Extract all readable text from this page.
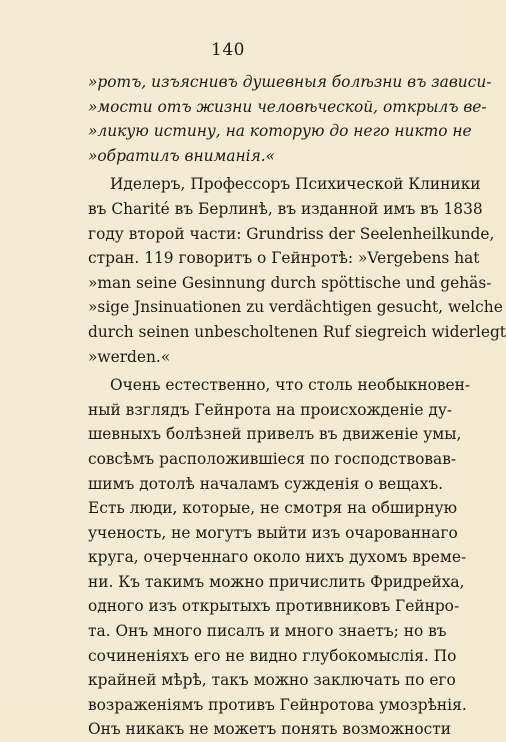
140
»ротъ, изъяснивъ душевныя болѣзни въ зависи-
»мости отъ жизни человѣческой, открылъ ве-
»ликую истину, на которую до него никто не
»обратилъ вниманія.«
Иделеръ, Профессоръ Психической Клиники
въ Charité въ Берлинѣ, въ изданной имъ въ 1838
году второй части: Grundriss der Seelenheilkunde,
стран. 119 говоритъ о Гейнротѣ: »Vergebens hat
»man seine Gesinnung durch spöttische und gehäs-
»sige Jnsinuationen zu verdächtigen gesucht, welche
durch seinen unbescholtenen Ruf siegreich widerlegt
»werden.«
Очень естественно, что столь необыкновен-
ный взглядъ Гейнрота на происхожденіе ду-
шевныхъ болѣзней привелъ въ движеніе умы,
совсѣмъ расположившіеся по господствовав-
шимъ дотолѣ началамъ сужденія о вещахъ.
Есть люди, которые, не смотря на обширную
ученость, не могутъ выйти изъ очарованнаго
круга, очерченнаго около нихъ духомъ време-
ни. Къ такимъ можно причислить Фридрейха,
одного изъ открытыхъ противниковъ Гейнро-
та. Онъ много писалъ и много знаетъ; но въ
сочиненіяхъ его не видно глубокомыслія. По
крайней мѣрѣ, такъ можно заключать по его
возраженіямъ противъ Гейнротова умозрѣнія.
Онъ никакъ не можетъ понять возможности
